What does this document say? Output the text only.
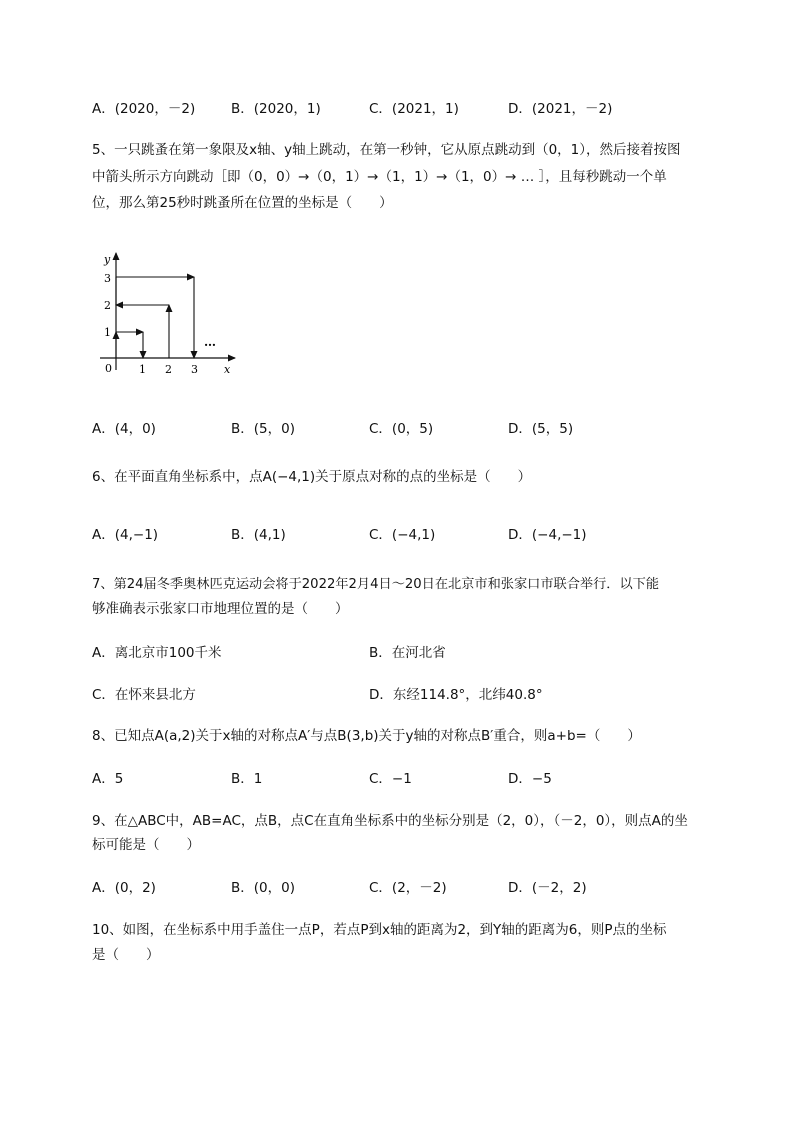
A．(2020，－2)	B．(2020，1)	C．(2021，1)	D．(2021，－2)
5、一只跳蚤在第一象限及x轴、y轴上跳动，在第一秒钟，它从原点跳动到（0，1），然后接着按图
中箭头所示方向跳动［即（0，0）→（0，1）→（1，1）→（1，0）→ … ］，且每秒跳动一个单
位，那么第25秒时跳蚤所在位置的坐标是（　　）
y
x
0 1 2 3
1
2
3
…
A．(4，0)	B．(5，0)	C．(0，5)	D．(5，5)
6、在平面直角坐标系中，点A(−4,1)关于原点对称的点的坐标是（　　）
A．(4,−1)	B．(4,1)	C．(−4,1)	D．(−4,−1)
7、第24届冬季奥林匹克运动会将于2022年2月4日～20日在北京市和张家口市联合举行．以下能
够准确表示张家口市地理位置的是（　　）
A．离北京市100千米	B．在河北省
C．在怀来县北方	D．东经114.8°，北纬40.8°
8、已知点A(a,2)关于x轴的对称点A′与点B(3,b)关于y轴的对称点B′重合，则a+b=（　　）
A．5	B．1	C．−1	D．−5
9、在△ABC中，AB=AC，点B，点C在直角坐标系中的坐标分别是（2，0），（－2，0），则点A的坐
标可能是（　　）
A．(0，2)	B．(0，0)	C．(2，－2)	D．(－2，2)
10、如图，在坐标系中用手盖住一点P，若点P到x轴的距离为2，到Y轴的距离为6，则P点的坐标
是（　　）
